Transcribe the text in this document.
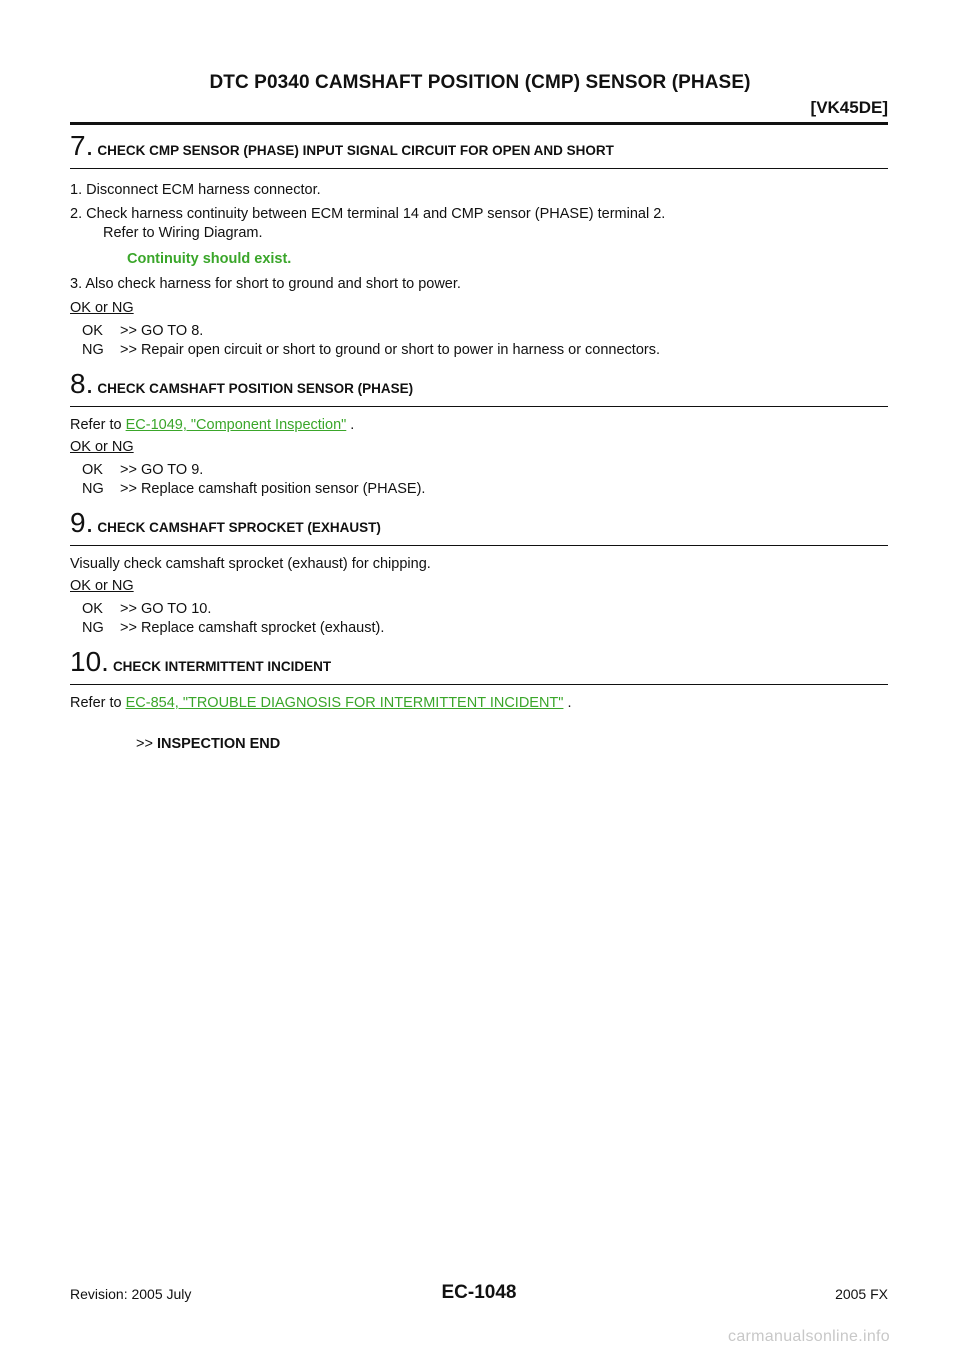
DTC P0340 CAMSHAFT POSITION (CMP) SENSOR (PHASE)
[VK45DE]
7. CHECK CMP SENSOR (PHASE) INPUT SIGNAL CIRCUIT FOR OPEN AND SHORT
1. Disconnect ECM harness connector.
2. Check harness continuity between ECM terminal 14 and CMP sensor (PHASE) terminal 2.
Refer to Wiring Diagram.
Continuity should exist.
3. Also check harness for short to ground and short to power.
OK or NG
OK >> GO TO 8.
NG >> Repair open circuit or short to ground or short to power in harness or connectors.
8. CHECK CAMSHAFT POSITION SENSOR (PHASE)
Refer to EC-1049, "Component Inspection" .
OK or NG
OK >> GO TO 9.
NG >> Replace camshaft position sensor (PHASE).
9. CHECK CAMSHAFT SPROCKET (EXHAUST)
Visually check camshaft sprocket (exhaust) for chipping.
OK or NG
OK >> GO TO 10.
NG >> Replace camshaft sprocket (exhaust).
10. CHECK INTERMITTENT INCIDENT
Refer to EC-854, "TROUBLE DIAGNOSIS FOR INTERMITTENT INCIDENT" .
>> INSPECTION END
Revision: 2005 July	EC-1048	2005 FX
carmanualsonline.info
